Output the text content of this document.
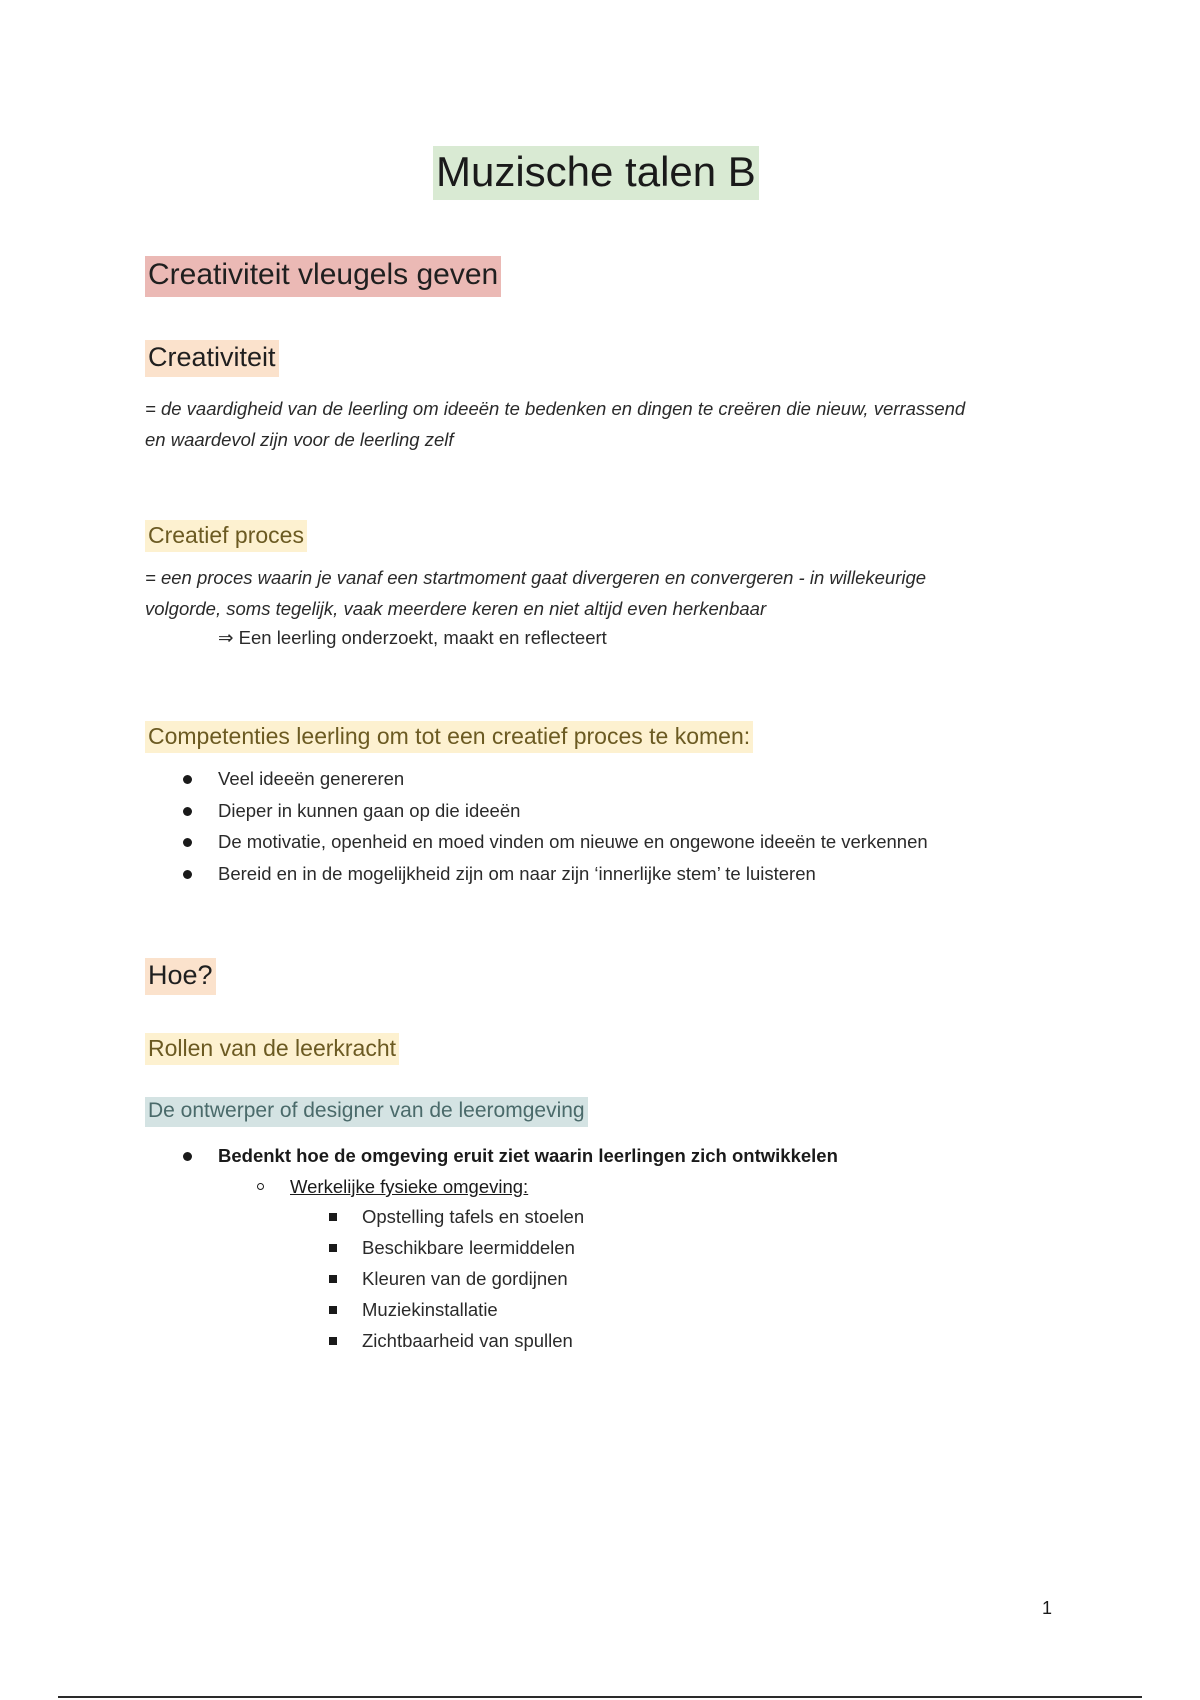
Muzische talen B
Creativiteit vleugels geven
Creativiteit
= de vaardigheid van de leerling om ideeën te bedenken en dingen te creëren die nieuw, verrassend
en waardevol zijn voor de leerling zelf
Creatief proces
= een proces waarin je vanaf een startmoment gaat divergeren en convergeren - in willekeurige
volgorde, soms tegelijk, vaak meerdere keren en niet altijd even herkenbaar
⇒ Een leerling onderzoekt, maakt en reflecteert
Competenties leerling om tot een creatief proces te komen:
Veel ideeën genereren
Dieper in kunnen gaan op die ideeën
De motivatie, openheid en moed vinden om nieuwe en ongewone ideeën te verkennen
Bereid en in de mogelijkheid zijn om naar zijn ‘innerlijke stem’ te luisteren
Hoe?
Rollen van de leerkracht
De ontwerper of designer van de leeromgeving
Bedenkt hoe de omgeving eruit ziet waarin leerlingen zich ontwikkelen
Werkelijke fysieke omgeving:
Opstelling tafels en stoelen
Beschikbare leermiddelen
Kleuren van de gordijnen
Muziekinstallatie
Zichtbaarheid van spullen
1
